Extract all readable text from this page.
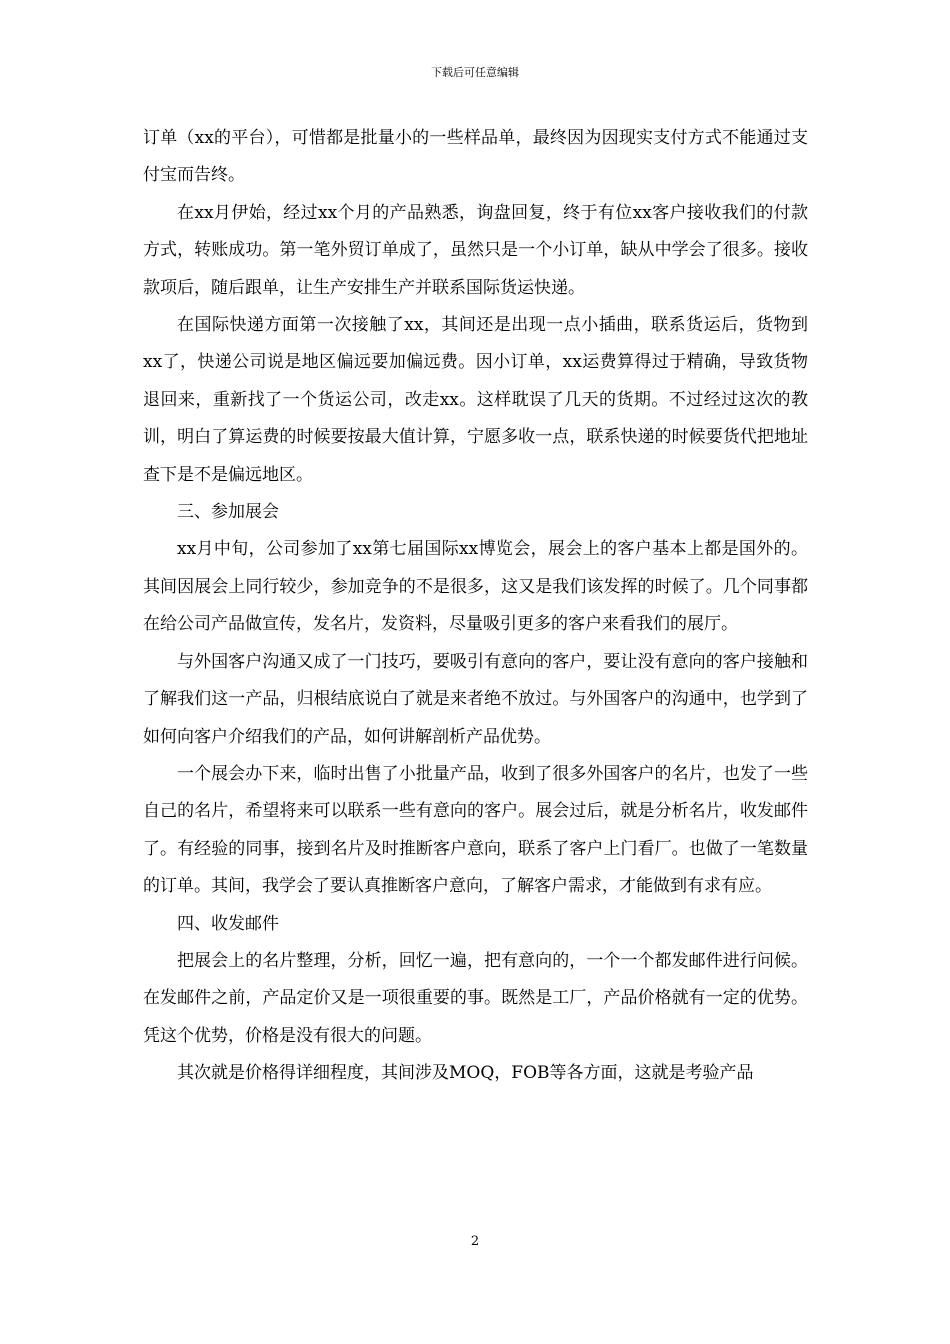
下载后可任意编辑

订单（xx的平台），可惜都是批量小的一些样品单，最终因为因现实支付方式不能通过支付宝而告终。

在xx月伊始，经过xx个月的产品熟悉，询盘回复，终于有位xx客户接收我们的付款方式，转账成功。第一笔外贸订单成了，虽然只是一个小订单，缺从中学会了很多。接收款项后，随后跟单，让生产安排生产并联系国际货运快递。

在国际快递方面第一次接触了xx，其间还是出现一点小插曲，联系货运后，货物到xx了，快递公司说是地区偏远要加偏远费。因小订单，xx运费算得过于精确，导致货物退回来，重新找了一个货运公司，改走xx。这样耽误了几天的货期。不过经过这次的教训，明白了算运费的时候要按最大值计算，宁愿多收一点，联系快递的时候要货代把地址查下是不是偏远地区。

三、参加展会

xx月中旬，公司参加了xx第七届国际xx博览会，展会上的客户基本上都是国外的。其间因展会上同行较少，参加竞争的不是很多，这又是我们该发挥的时候了。几个同事都在给公司产品做宣传，发名片，发资料，尽量吸引更多的客户来看我们的展厅。

与外国客户沟通又成了一门技巧，要吸引有意向的客户，要让没有意向的客户接触和了解我们这一产品，归根结底说白了就是来者绝不放过。与外国客户的沟通中，也学到了如何向客户介绍我们的产品，如何讲解剖析产品优势。

一个展会办下来，临时出售了小批量产品，收到了很多外国客户的名片，也发了一些自己的名片，希望将来可以联系一些有意向的客户。展会过后，就是分析名片，收发邮件了。有经验的同事，接到名片及时推断客户意向，联系了客户上门看厂。也做了一笔数量的订单。其间，我学会了要认真推断客户意向，了解客户需求，才能做到有求有应。

四、收发邮件

把展会上的名片整理，分析，回忆一遍，把有意向的，一个一个都发邮件进行问候。在发邮件之前，产品定价又是一项很重要的事。既然是工厂，产品价格就有一定的优势。凭这个优势，价格是没有很大的问题。

其次就是价格得详细程度，其间涉及MOQ，FOB等各方面，这就是考验产品

2
